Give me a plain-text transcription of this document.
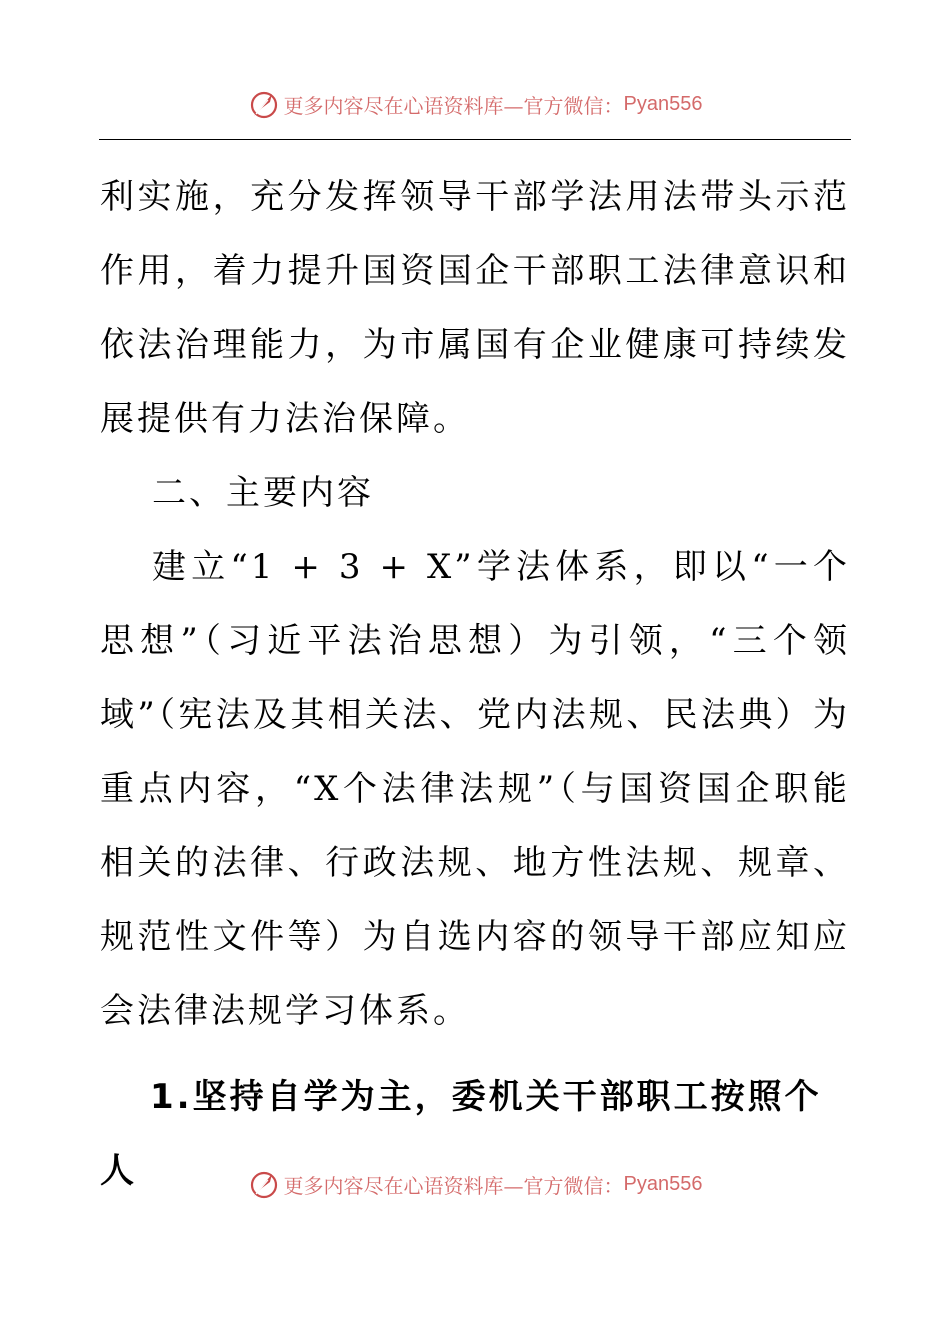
更多内容尽在心语资料库—官方微信： Pyan556

利实施，充分发挥领导干部学法用法带头示范作用，着力提升国资国企干部职工法律意识和依法治理能力，为市属国有企业健康可持续发展提供有力法治保障。

二、主要内容

建立“1 + 3 + X”学法体系，即以“一个思想”（习近平法治思想）为引领，“三个领域”（宪法及其相关法、党内法规、民法典）为重点内容，“X个法律法规”（与国资国企职能相关的法律、行政法规、地方性法规、规章、规范性文件等）为自选内容的领导干部应知应会法律法规学习体系。

1.坚持自学为主，委机关干部职工按照个人	更多内容尽在心语资料库—官方微信： Pyan556
